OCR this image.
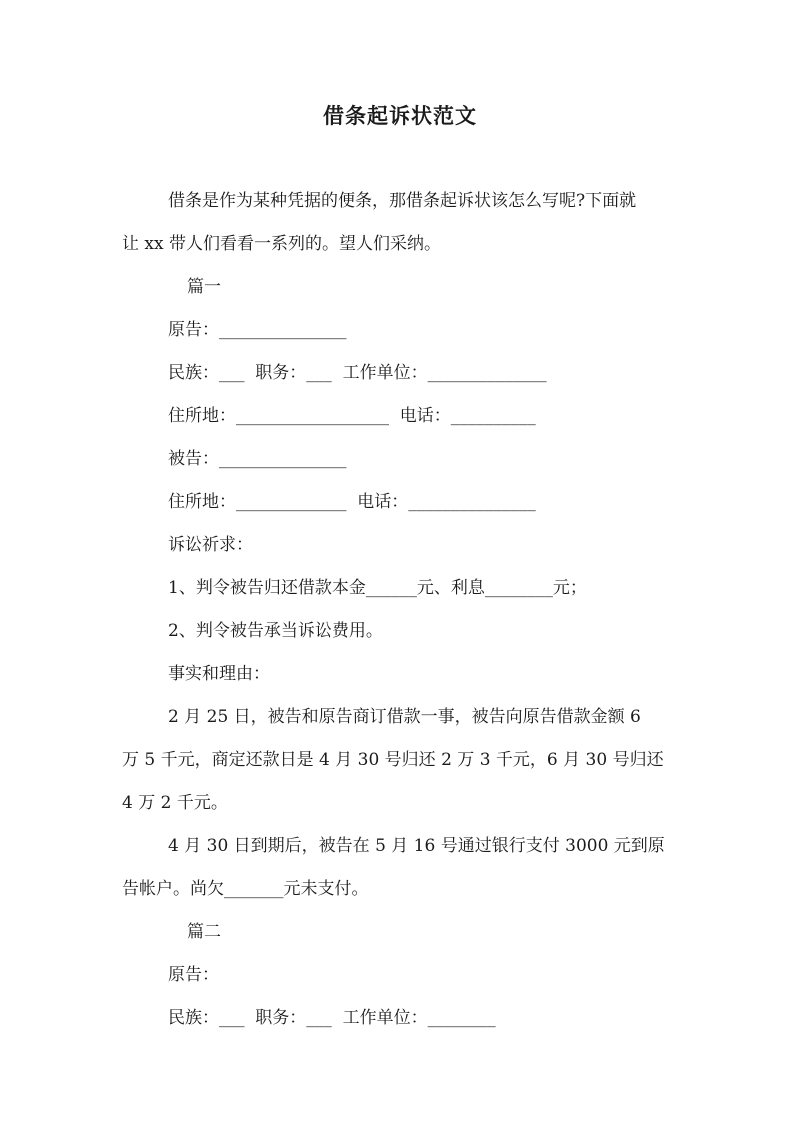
借条起诉状范文
借条是作为某种凭据的便条，那借条起诉状该怎么写呢?下面就
让 xx 带人们看看一系列的。望人们采纳。
篇一
原告：_______________
民族：___  职务：___  工作单位：______________
住所地：__________________  电话：__________
被告：_______________
住所地：_____________  电话：_______________
诉讼祈求：
1、判令被告归还借款本金______元、利息________元；
2、判令被告承当诉讼费用。
事实和理由：
2 月 25 日，被告和原告商订借款一事，被告向原告借款金额 6
万 5 千元，商定还款日是 4 月 30 号归还 2 万 3 千元，6 月 30 号归还
4 万 2 千元。
4 月 30 日到期后，被告在 5 月 16 号通过银行支付 3000 元到原
告帐户。尚欠_______元未支付。
篇二
原告：
民族：___  职务：___  工作单位：________
